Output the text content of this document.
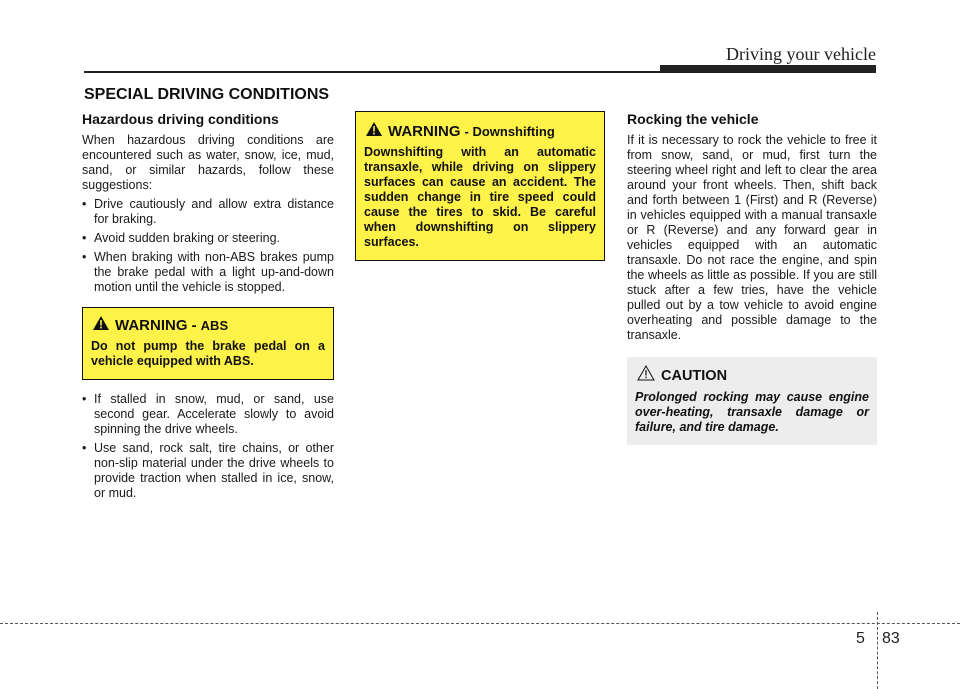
Driving your vehicle
SPECIAL DRIVING CONDITIONS
Hazardous driving conditions

When hazardous driving conditions are encountered such as water, snow, ice, mud, sand, or similar hazards, follow these suggestions:

• Drive cautiously and allow extra distance for braking.
• Avoid sudden braking or steering.
• When braking with non-ABS brakes pump the brake pedal with a light up-and-down motion until the vehicle is stopped.
WARNING - ABS

Do not pump the brake pedal on a vehicle equipped with ABS.

• If stalled in snow, mud, or sand, use second gear. Accelerate slowly to avoid spinning the drive wheels.
• Use sand, rock salt, tire chains, or other non-slip material under the drive wheels to provide traction when stalled in ice, snow, or mud.
WARNING - Downshifting

Downshifting with an automatic transaxle, while driving on slippery surfaces can cause an accident. The sudden change in tire speed could cause the tires to skid. Be careful when downshifting on slippery surfaces.

Rocking the vehicle

If it is necessary to rock the vehicle to free it from snow, sand, or mud, first turn the steering wheel right and left to clear the area around your front wheels. Then, shift back and forth between 1 (First) and R (Reverse) in vehicles equipped with a manual transaxle or R (Reverse) and any forward gear in vehicles equipped with an automatic transaxle. Do not race the engine, and spin the wheels as little as possible. If you are still stuck after a few tries, have the vehicle pulled out by a tow vehicle to avoid engine overheating and possible damage to the transaxle.

CAUTION

Prolonged rocking may cause engine over-heating, transaxle damage or failure, and tire damage.

5 83
